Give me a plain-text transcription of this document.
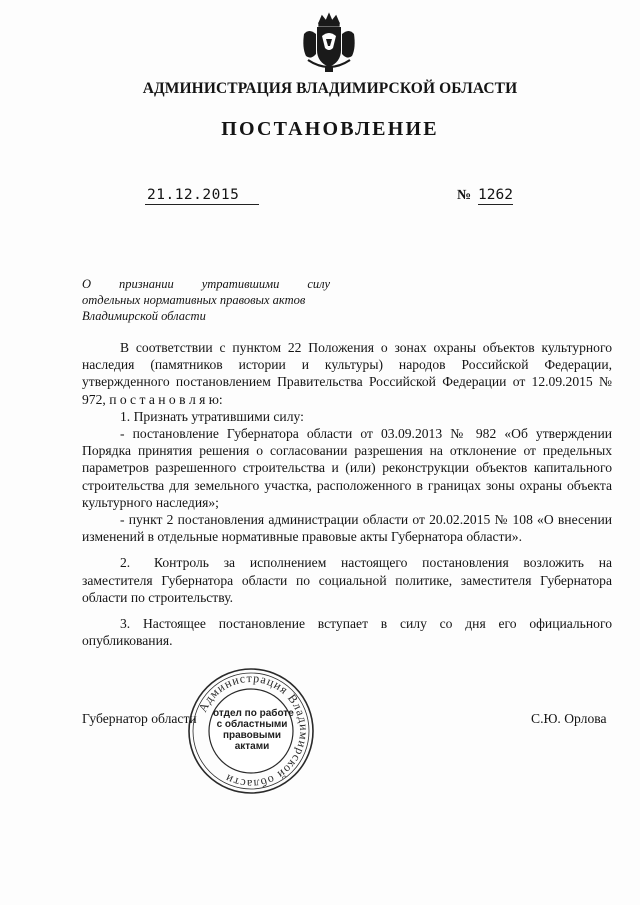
АДМИНИСТРАЦИЯ ВЛАДИМИРСКОЙ ОБЛАСТИ
ПОСТАНОВЛЕНИЕ
21.12.2015	№ 1262
О признании утратившими силу
отдельных нормативных правовых актов
Владимирской области

В соответствии с пунктом 22 Положения о зонах охраны объектов культурного наследия (памятников истории и культуры) народов Российской Федерации, утвержденного постановлением Правительства Российской Федерации от 12.09.2015 № 972, п о с т а н о в л я ю:

1. Признать утратившими силу:

- постановление Губернатора области от 03.09.2013 № 982 «Об утверждении Порядка принятия решения о согласовании разрешения на отклонение от предельных параметров разрешенного строительства и (или) реконструкции объектов капитального строительства для земельного участка, расположенного в границах зоны охраны объекта культурного наследия»;

- пункт 2 постановления администрации области от 20.02.2015 № 108 «О внесении изменений в отдельные нормативные правовые акты Губернатора области».

2. Контроль за исполнением настоящего постановления возложить на заместителя Губернатора области по социальной политике, заместителя Губернатора области по строительству.

3. Настоящее постановление вступает в силу со дня его официального опубликования.

Губернатор области	С.Ю. Орлова
Администрация Владимирской области
отдел по работе
с областными
правовыми
актами
